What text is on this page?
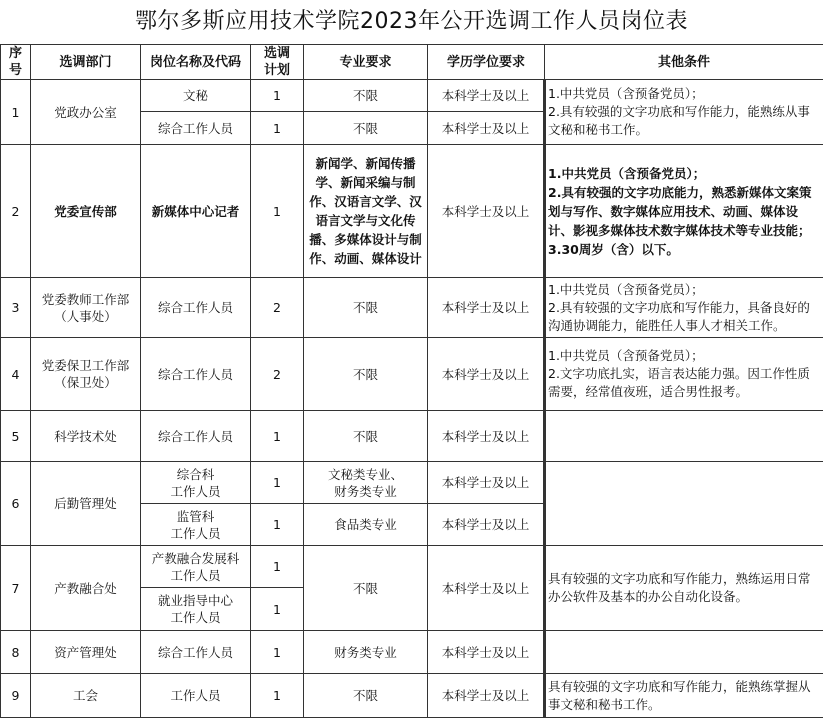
鄂尔多斯应用技术学院2023年公开选调工作人员岗位表
序号	选调部门	岗位名称及代码	选调
计划	专业要求	学历学位要求	其他条件
1	党政办公室	文秘	1	不限	本科学士及以上	1.中共党员（含预备党员）；
2.具有较强的文字功底和写作能力，能熟练从事文秘和秘书工作。
		综合工作人员	1	不限	本科学士及以上	
2	党委宣传部	新媒体中心记者	1	新闻学、新闻传播学、新闻采编与制作、汉语言文学、汉语言文学与文化传播、多媒体设计与制作、动画、媒体设计	本科学士及以上	1.中共党员（含预备党员）；
2.具有较强的文字功底能力，熟悉新媒体文案策划与写作、数字媒体应用技术、动画、媒体设计、影视多媒体技术数字媒体技术等专业技能；
3.30周岁（含）以下。
3	党委教师工作部
（人事处）	综合工作人员	2	不限	本科学士及以上	1.中共党员（含预备党员）；
2.具有较强的文字功底和写作能力，具备良好的沟通协调能力，能胜任人事人才相关工作。
4	党委保卫工作部
（保卫处）	综合工作人员	2	不限	本科学士及以上	1.中共党员（含预备党员）；
2.文字功底扎实，语言表达能力强。因工作性质需要，经常值夜班，适合男性报考。
5	科学技术处	综合工作人员	1	不限	本科学士及以上	
6	后勤管理处	综合科
工作人员	1	文秘类专业、
财务类专业	本科学士及以上	
		监管科
工作人员	1	食品类专业	本科学士及以上	
7	产教融合处	产教融合发展科
工作人员	1	不限	本科学士及以上	具有较强的文字功底和写作能力，熟练运用日常办公软件及基本的办公自动化设备。
		就业指导中心
工作人员	1			
8	资产管理处	综合工作人员	1	财务类专业	本科学士及以上	
9	工会	工作人员	1	不限	本科学士及以上	具有较强的文字功底和写作能力，能熟练掌握从事文秘和秘书工作。
